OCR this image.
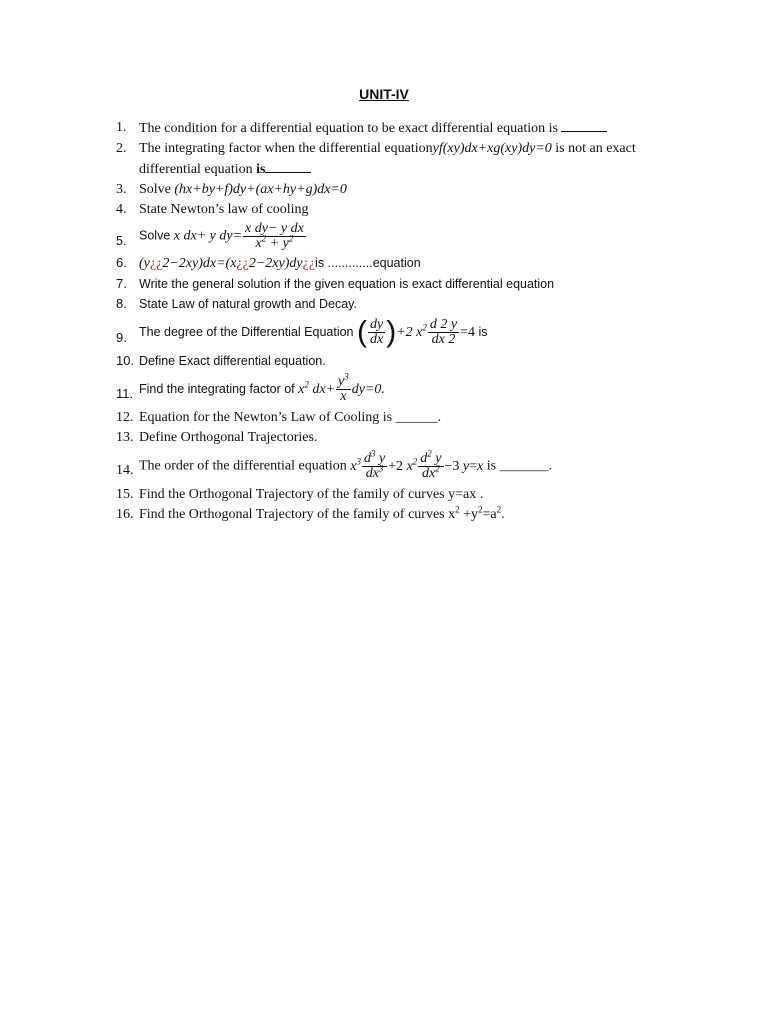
UNIT-IV
1. The condition for a differential equation to be exact differential equation is
2. The integrating factor when the differential equationyf(xy)dx+xg(xy)dy=0 is not an exact differential equation is
3. Solve (hx+by+f)dy+(ax+hy+g)dx=0
4. State Newton’s law of cooling
5. Solve x dx+ y $dy= \frac{\text{x dy− y dx}}{x^2 + y^2}$
6. (y¿¿2−2xy)dx=(x¿¿2−2xy)dy¿¿is .............equation
7. Write the general solution if the given equation is exact differential equation
8. State Law of natural growth and Decay.
9. The degree of the Differential Equation ( $\frac{dy}{dx} )+2$ $x^2 \frac{d 2 y}{dx 2} =4$ is
10. Define Exact differential equation.
11. Find the integrating factor of $x^2$ $dx+ \frac{y^3}{x} dy=0$.
12. Equation for the Newton’s Law of Cooling is ______.
13. Define Orthogonal Trajectories.
14. The order of the differential equation $x^3 \frac{d^3 y}{dx^3} +2$ $x^2 \frac{d^2 y}{dx^2} -3$ y=x is _______.
15. Find the Orthogonal Trajectory of the family of curves y=ax .
16. Find the Orthogonal Trajectory of the family of curves $x^2 +y^2=a^2$.
